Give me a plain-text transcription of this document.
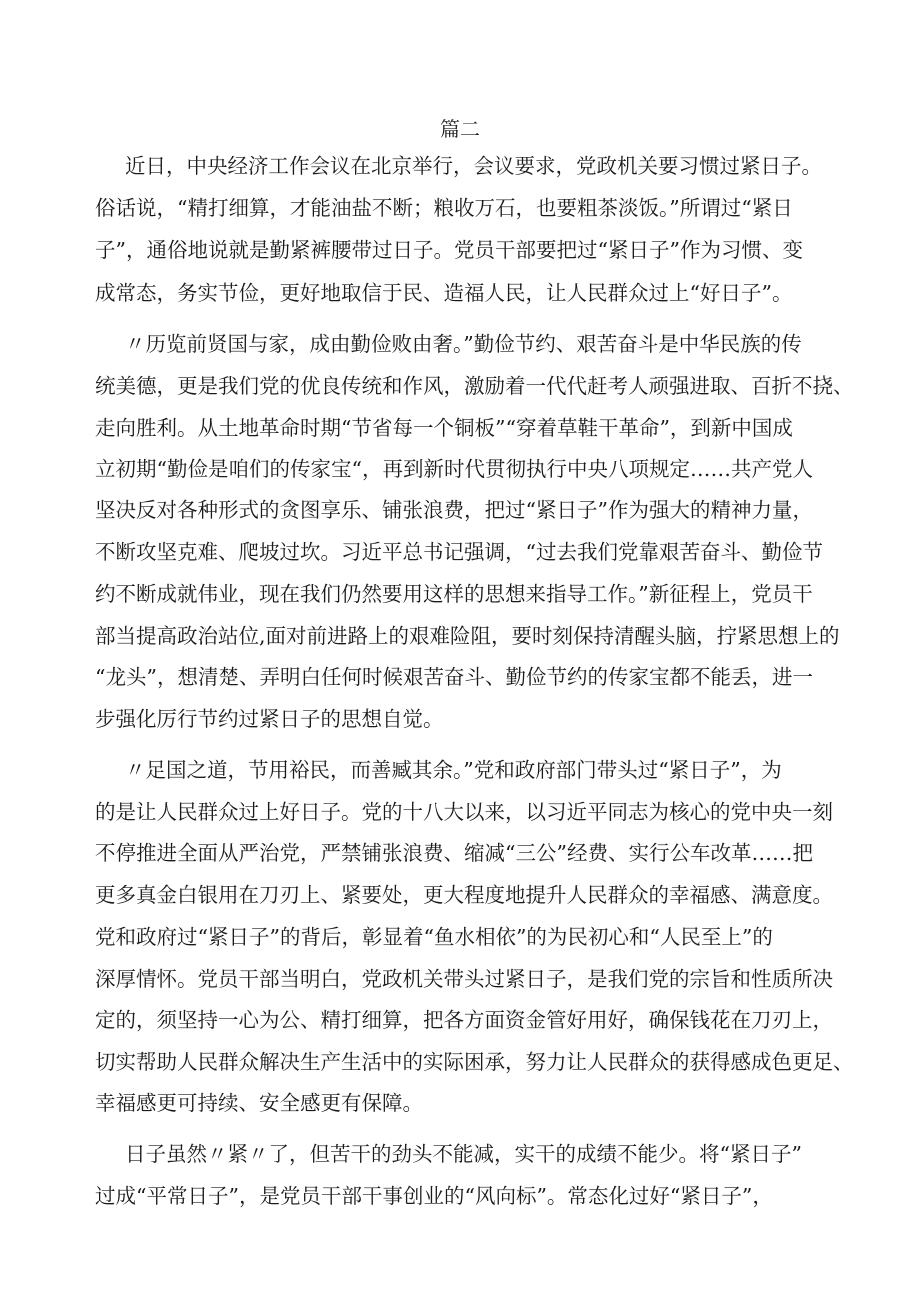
篇二
近日，中央经济工作会议在北京举行，会议要求，党政机关要习惯过紧日子。
俗话说，“精打细算，才能油盐不断；粮收万石，也要粗茶淡饭。”所谓过“紧日
子”，通俗地说就是勤紧裤腰带过日子。党员干部要把过“紧日子”作为习惯、变
成常态，务实节俭，更好地取信于民、造福人民，让人民群众过上“好日子”。
〃历览前贤国与家，成由勤俭败由奢。”勤俭节约、艰苦奋斗是中华民族的传
统美德，更是我们党的优良传统和作风，激励着一代代赶考人顽强进取、百折不挠、
走向胜利。从土地革命时期“节省每一个铜板”“穿着草鞋干革命”，到新中国成
立初期“勤俭是咱们的传家宝“，再到新时代贯彻执行中央八项规定……共产党人
坚决反对各种形式的贪图享乐、铺张浪费，把过“紧日子”作为强大的精神力量，
不断攻坚克难、爬坡过坎。习近平总书记强调，“过去我们党靠艰苦奋斗、勤俭节
约不断成就伟业，现在我们仍然要用这样的思想来指导工作。”新征程上，党员干
部当提高政治站位,面对前进路上的艰难险阻，要时刻保持清醒头脑，拧紧思想上的
“龙头”，想清楚、弄明白任何时候艰苦奋斗、勤俭节约的传家宝都不能丢，进一
步强化厉行节约过紧日子的思想自觉。
〃足国之道，节用裕民，而善臧其余。”党和政府部门带头过“紧日子”，为
的是让人民群众过上好日子。党的十八大以来，以习近平同志为核心的党中央一刻
不停推进全面从严治党，严禁铺张浪费、缩减“三公”经费、实行公车改革……把
更多真金白银用在刀刃上、紧要处，更大程度地提升人民群众的幸福感、满意度。
党和政府过“紧日子”的背后，彰显着“鱼水相依”的为民初心和“人民至上”的
深厚情怀。党员干部当明白，党政机关带头过紧日子，是我们党的宗旨和性质所决
定的，须坚持一心为公、精打细算，把各方面资金管好用好，确保钱花在刀刃上，
切实帮助人民群众解决生产生活中的实际困承，努力让人民群众的获得感成色更足、
幸福感更可持续、安全感更有保障。
日子虽然〃紧〃了，但苦干的劲头不能减，实干的成绩不能少。将“紧日子”
过成“平常日子”，是党员干部干事创业的“风向标”。常态化过好“紧日子”，
